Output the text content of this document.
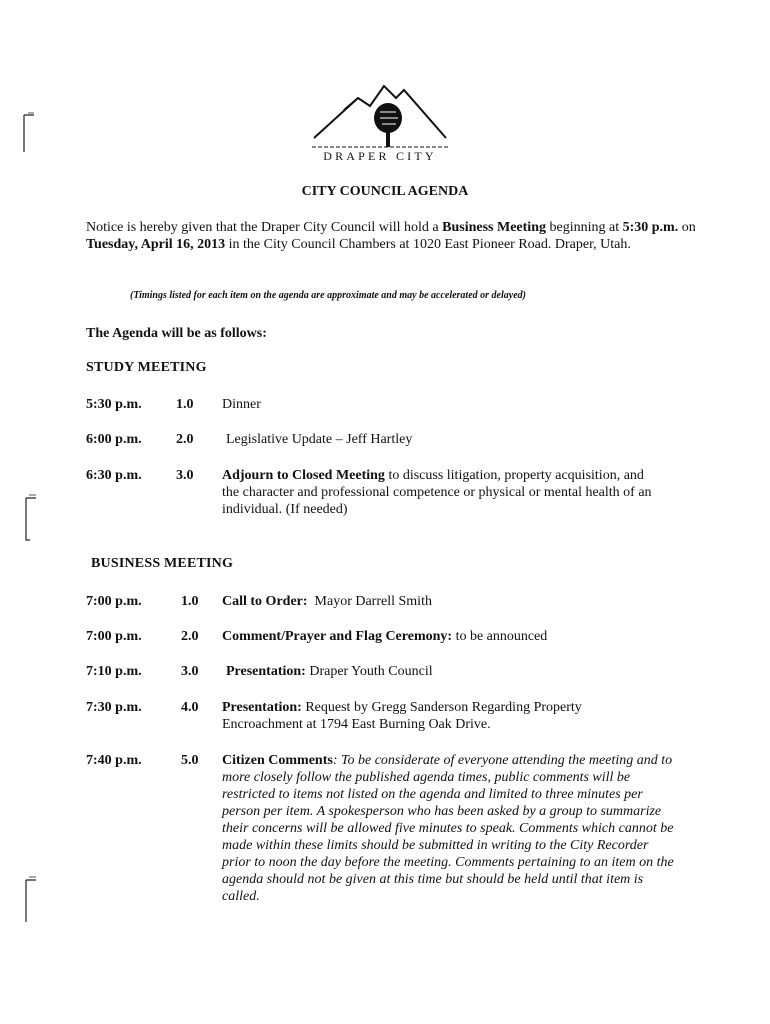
DRAPER CITY
CITY COUNCIL AGENDA
Notice is hereby given that the Draper City Council will hold a Business Meeting beginning at 5:30 p.m. on Tuesday, April 16, 2013 in the City Council Chambers at 1020 East Pioneer Road. Draper, Utah.
(Timings listed for each item on the agenda are approximate and may be accelerated or delayed)
The Agenda will be as follows:
STUDY MEETING
5:30 p.m.	1.0 Dinner
6:00 p.m.	2.0 Legislative Update – Jeff Hartley
6:30 p.m.	3.0 Adjourn to Closed Meeting to discuss litigation, property acquisition, and the character and professional competence or physical or mental health of an individual. (If needed)
BUSINESS MEETING
7:00 p.m.	1.0 Call to Order:  Mayor Darrell Smith
7:00 p.m.	2.0 Comment/Prayer and Flag Ceremony: to be announced
7:10 p.m.	3.0 Presentation: Draper Youth Council
7:30 p.m.	4.0 Presentation: Request by Gregg Sanderson Regarding Property Encroachment at 1794 East Burning Oak Drive.
7:40 p.m.	5.0 Citizen Comments: To be considerate of everyone attending the meeting and to more closely follow the published agenda times, public comments will be restricted to items not listed on the agenda and limited to three minutes per person per item. A spokesperson who has been asked by a group to summarize their concerns will be allowed five minutes to speak. Comments which cannot be made within these limits should be submitted in writing to the City Recorder prior to noon the day before the meeting. Comments pertaining to an item on the agenda should not be given at this time but should be held until that item is called.
